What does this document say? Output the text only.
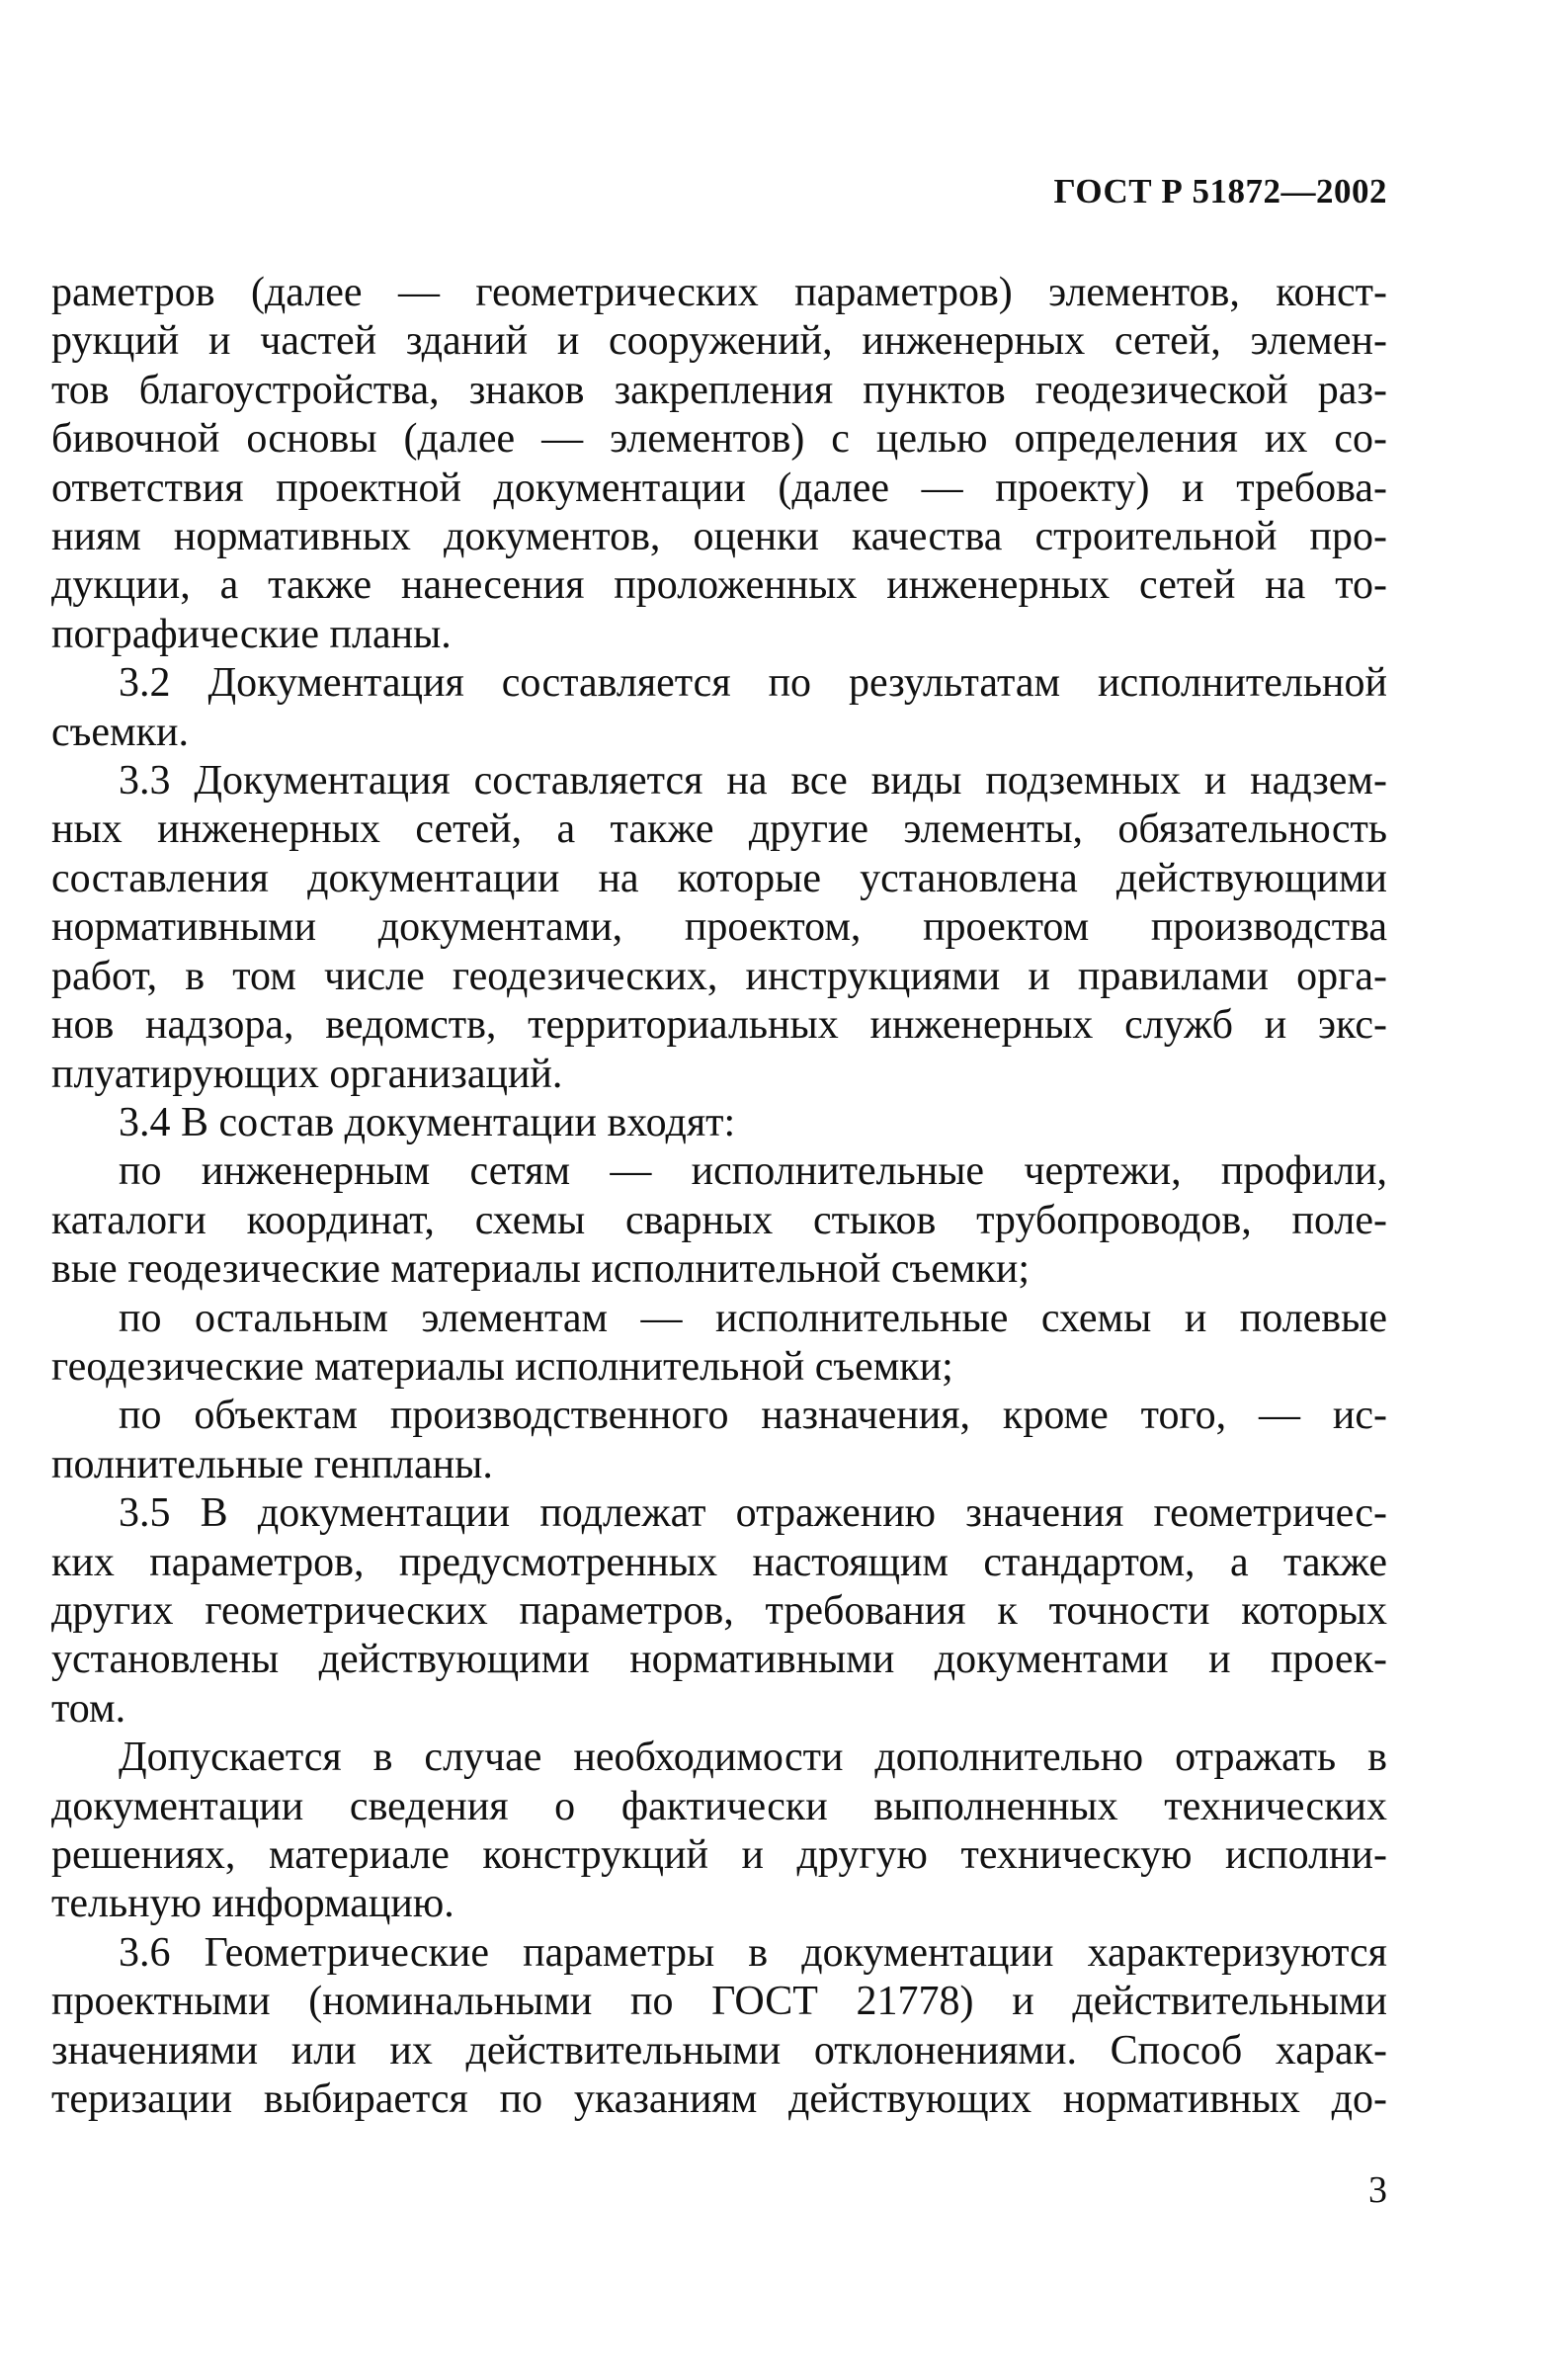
ГОСТ Р 51872—2002
раметров (далее — геометрических параметров) элементов, конст-
рукций и частей зданий и сооружений, инженерных сетей, элемен-
тов благоустройства, знаков закрепления пунктов геодезической раз-
бивочной основы (далее — элементов) с целью определения их со-
ответствия проектной документации (далее — проекту) и требова-
ниям нормативных документов, оценки качества строительной про-
дукции, а также нанесения проложенных инженерных сетей на то-
пографические планы.
3.2 Документация составляется по результатам исполнительной
съемки.
3.3 Документация составляется на все виды подземных и надзем-
ных инженерных сетей, а также другие элементы, обязательность
составления документации на которые установлена действующими
нормативными документами, проектом, проектом производства
работ, в том числе геодезических, инструкциями и правилами орга-
нов надзора, ведомств, территориальных инженерных служб и экс-
плуатирующих организаций.
3.4 В состав документации входят:
по инженерным сетям — исполнительные чертежи, профили,
каталоги координат, схемы сварных стыков трубопроводов, поле-
вые геодезические материалы исполнительной съемки;
по остальным элементам — исполнительные схемы и полевые
геодезические материалы исполнительной съемки;
по объектам производственного назначения, кроме того, — ис-
полнительные генпланы.
3.5 В документации подлежат отражению значения геометричес-
ких параметров, предусмотренных настоящим стандартом, а также
других геометрических параметров, требования к точности которых
установлены действующими нормативными документами и проек-
том.
Допускается в случае необходимости дополнительно отражать в
документации сведения о фактически выполненных технических
решениях, материале конструкций и другую техническую исполни-
тельную информацию.
3.6 Геометрические параметры в документации характеризуются
проектными (номинальными по ГОСТ 21778) и действительными
значениями или их действительными отклонениями. Способ харак-
теризации выбирается по указаниям действующих нормативных до-
3
